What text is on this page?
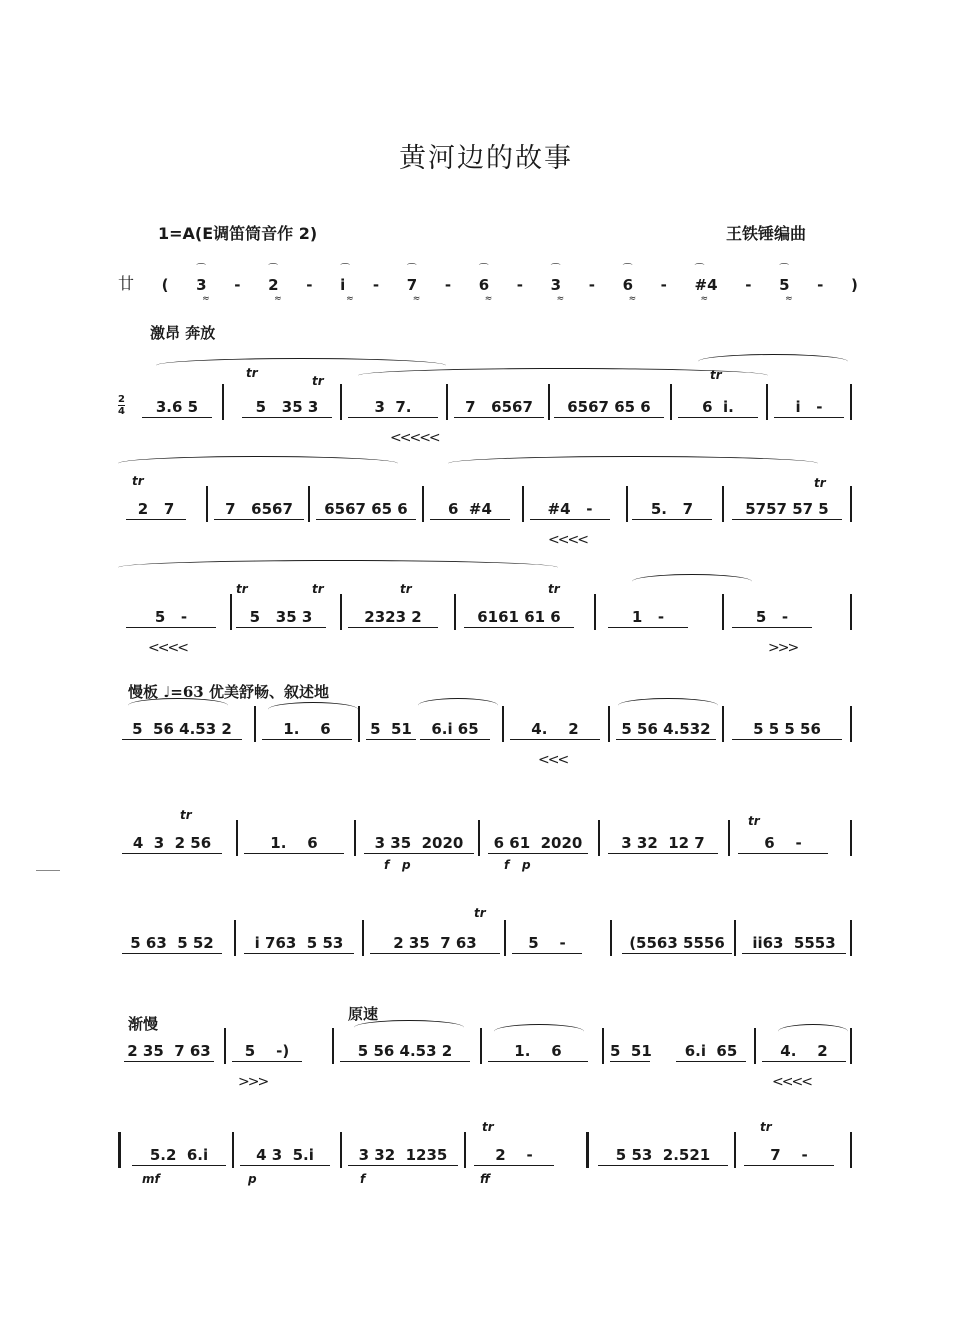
黄河边的故事
1=A(E调笛筒音作 2)	王铁锤编曲
廿 ( ⌒ 3 ≈ - ⌒ 2 ≈ - ⌒ i ≈ - ⌒ 7 ≈ - ⌒ 6 ≈ - ⌒ 3 ≈ - ⌒ 6 ≈ - ⌒ #4 ≈ - ⌒ 5 ≈ - )
激昂 奔放
慢板 ♩=63 优美舒畅、叙述地
渐慢
原速
2
4
tr
tr	tr
3.6 5	5   35 3	3  7.
<<<<<
7   6567	6567 65 6	6  i.	i   -
tr	tr
2   7	7   6567	6567 65 6	6  #4	#4   -
<<<<
5.   7	5757 57 5
tr	tr	tr	tr
5   -
<<<<
5   35 3	2323 2	6161 61 6	1   -	5   -
>>>
5  56 4.53 2	1.    6	5  51	6.i 65	4.    2
<<<
5 56 4.532	5 5 5 56
tr	tr
4  3  2 56	1.    6	3 35  2020
f p
6 61  2020
f p
3 32  12 7	6    -
tr
5 63  5 52	i 763  5 53	2 35  7 63	5    -	(5563 5556	ii63  5553
2 35  7 63	5    -)
>>>
5 56 4.53 2	1.    6	5  51	6.i  65	4.    2
<<<<
tr	tr
5.2  6.i
mf
4 3  5.i
p
3 32  1235
f
2    -
ff
5 53  2.521	7    -
